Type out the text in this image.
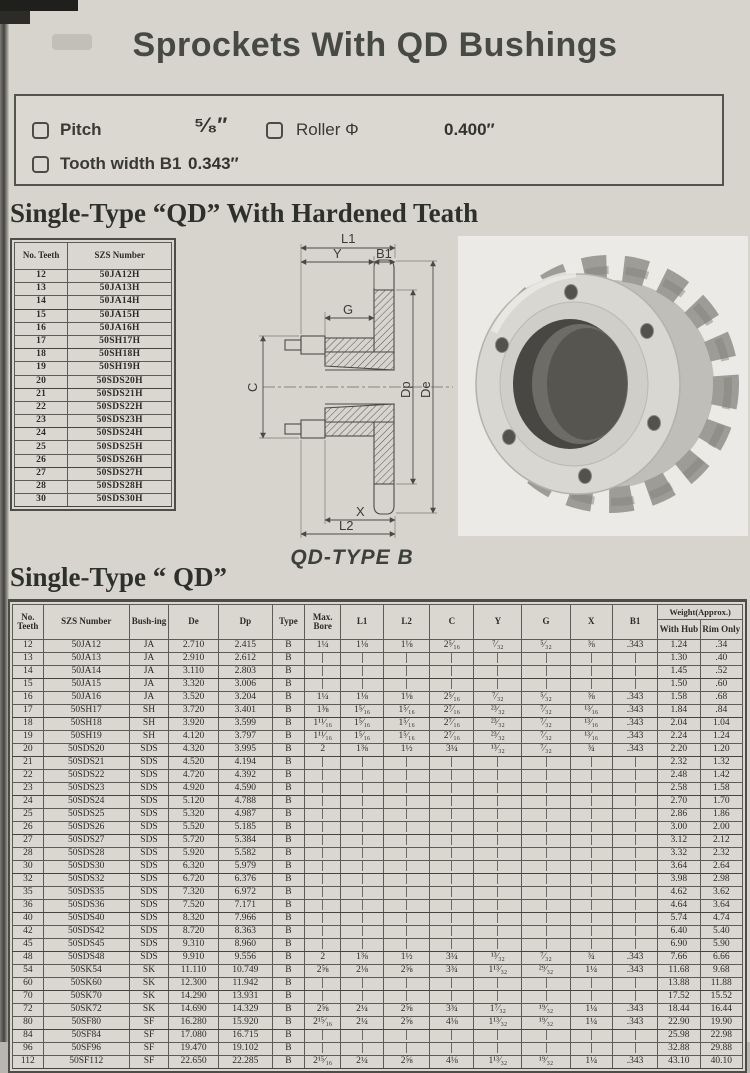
Sprockets With QD Bushings
Pitch	⁵⁄₈″	Roller Φ	0.400″
Tooth width B1 0.343″
Single-Type “QD” With Hardened Teath
No. Teeth	SZS Number
12	50JA12H
13	50JA13H
14	50JA14H
15	50JA15H
16	50JA16H
17	50SH17H
18	50SH18H
19	50SH19H
20	50SDS20H
21	50SDS21H
22	50SDS22H
23	50SDS23H
24	50SDS24H
25	50SDS25H
26	50SDS26H
27	50SDS27H
28	50SDS28H
30	50SDS30H
L1
Y	B1
G
C	Dp De
X
L2
QD-TYPE B
Single-Type “ QD”
No. Teeth	SZS Number	Bush-ing	De	Dp	Type	Max. Bore	L1	L2	C	Y	G	X	B1	Weight(Approx.)	
														With Hub	Rim Only
12	50JA12	JA	2.710	2.415	B	1¼	1⅛	1⅛	2⁵⁄₁₆	⁷⁄₃₂	⁵⁄₃₂	⅜	.343	1.24	.34
13	50JA13	JA	2.910	2.612	B									1.30	.40
14	50JA14	JA	3.110	2.803	B									1.45	.52
15	50JA15	JA	3.320	3.006	B									1.50	.60
16	50JA16	JA	3.520	3.204	B	1¼	1⅛	1⅛	2⁵⁄₁₆	⁷⁄₃₂	⁵⁄₃₂	⅜	.343	1.58	.68
17	50SH17	SH	3.720	3.401	B	1⅜	1⁵⁄₁₆	1⁵⁄₁₆	2⁷⁄₁₆	²³⁄₃₂	⁷⁄₃₂	¹³⁄₁₆	.343	1.84	.84
18	50SH18	SH	3.920	3.599	B	1¹¹⁄₁₆	1⁵⁄₁₆	1⁵⁄₁₆	2⁷⁄₁₆	²³⁄₃₂	⁷⁄₃₂	¹³⁄₁₆	.343	2.04	1.04
19	50SH19	SH	4.120	3.797	B	1¹¹⁄₁₆	1⁵⁄₁₆	1⁵⁄₁₆	2⁷⁄₁₆	²³⁄₃₂	⁷⁄₃₂	¹³⁄₁₆	.343	2.24	1.24
20	50SDS20	SDS	4.320	3.995	B	2	1⅜	1½	3¼	¹³⁄₃₂	⁷⁄₃₂	¾	.343	2.20	1.20
21	50SDS21	SDS	4.520	4.194	B									2.32	1.32
22	50SDS22	SDS	4.720	4.392	B									2.48	1.42
23	50SDS23	SDS	4.920	4.590	B									2.58	1.58
24	50SDS24	SDS	5.120	4.788	B									2.70	1.70
25	50SDS25	SDS	5.320	4.987	B									2.86	1.86
26	50SDS26	SDS	5.520	5.185	B									3.00	2.00
27	50SDS27	SDS	5.720	5.384	B									3.12	2.12
28	50SDS28	SDS	5.920	5.582	B									3.32	2.32
30	50SDS30	SDS	6.320	5.979	B									3.64	2.64
32	50SDS32	SDS	6.720	6.376	B									3.98	2.98
35	50SDS35	SDS	7.320	6.972	B									4.62	3.62
36	50SDS36	SDS	7.520	7.171	B									4.64	3.64
40	50SDS40	SDS	8.320	7.966	B									5.74	4.74
42	50SDS42	SDS	8.720	8.363	B									6.40	5.40
45	50SDS45	SDS	9.310	8.960	B									6.90	5.90
48	50SDS48	SDS	9.910	9.556	B	2	1⅜	1½	3¼	¹³⁄₃₂	⁷⁄₃₂	¾	.343	7.66	6.66
54	50SK54	SK	11.110	10.749	B	2⅝	2⅛	2⅝	3¾	1¹³⁄₃₂	²⁹⁄₃₂	1¼	.343	11.68	9.68
60	50SK60	SK	12.300	11.942	B									13.88	11.88
70	50SK70	SK	14.290	13.931	B									17.52	15.52
72	50SK72	SK	14.690	14.329	B	2⅝	2¼	2⅝	3¾	1⁷⁄₃₂	¹⁹⁄₃₂	1¼	.343	18.44	16.44
80	50SF80	SF	16.280	15.920	B	2¹⁵⁄₁₆	2¼	2⅝	4⅛	1¹³⁄₃₂	¹⁹⁄₃₂	1¼	.343	22.90	19.90
84	50SF84	SF	17.080	16.715	B									25.98	22.98
96	50SF96	SF	19.470	19.102	B									32.88	29.88
112	50SF112	SF	22.650	22.285	B	2¹⁵⁄₁₆	2¼	2⅝	4⅛	1¹³⁄₃₂	¹⁹⁄₃₂	1¼	.343	43.10	40.10
